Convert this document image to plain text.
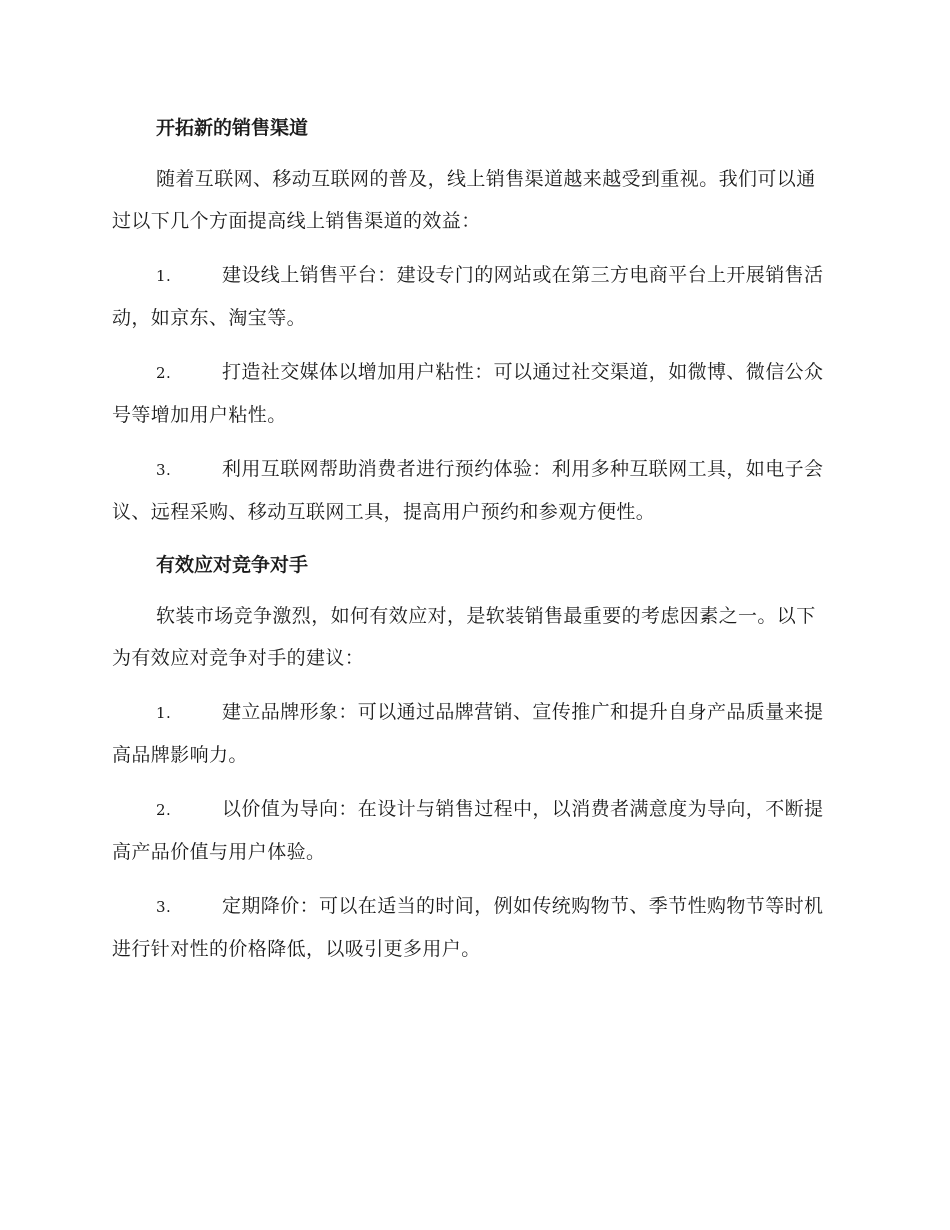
开拓新的销售渠道

随着互联网、移动互联网的普及，线上销售渠道越来越受到重视。我们可以通过以下几个方面提高线上销售渠道的效益：

1.	建设线上销售平台：建设专门的网站或在第三方电商平台上开展销售活动，如京东、淘宝等。

2.	打造社交媒体以增加用户粘性：可以通过社交渠道，如微博、微信公众号等增加用户粘性。

3.	利用互联网帮助消费者进行预约体验：利用多种互联网工具，如电子会议、远程采购、移动互联网工具，提高用户预约和参观方便性。

有效应对竞争对手

软装市场竞争激烈，如何有效应对，是软装销售最重要的考虑因素之一。以下为有效应对竞争对手的建议：

1.	建立品牌形象：可以通过品牌营销、宣传推广和提升自身产品质量来提高品牌影响力。

2.	以价值为导向：在设计与销售过程中，以消费者满意度为导向，不断提高产品价值与用户体验。

3.	定期降价：可以在适当的时间，例如传统购物节、季节性购物节等时机进行针对性的价格降低，以吸引更多用户。
